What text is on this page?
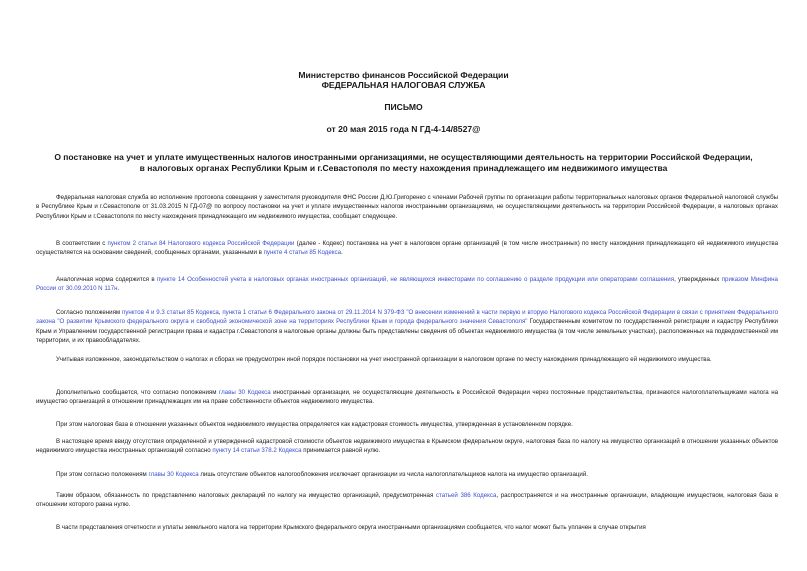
Министерство финансов Российской Федерации
ФЕДЕРАЛЬНАЯ НАЛОГОВАЯ СЛУЖБА
ПИСЬМО
от 20 мая 2015 года N ГД-4-14/8527@
О постановке на учет и уплате имущественных налогов иностранными организациями, не осуществляющими деятельность на территории Российской Федерации,
в налоговых органах Республики Крым и г.Севастополя по месту нахождения принадлежащего им недвижимого имущества

Федеральная налоговая служба во исполнение протокола совещания у заместителя руководителя ФНС России Д.Ю.Григоренко с членами Рабочей группы по организации работы территориальных налоговых органов Федеральной налоговой службы в Республике Крым и г.Севастополе от 31.03.2015 N ГД-07@ по вопросу постановки на учет и уплате имущественных налогов иностранными организациями, не осуществляющими деятельность на территории Российской Федерации, в налоговых органах Республики Крым и г.Севастополя по месту нахождения принадлежащего им недвижимого имущества, сообщает следующее.

В соответствии с пунктом 2 статьи 84 Налогового кодекса Российской Федерации (далее - Кодекс) постановка на учет в налоговом органе организаций (в том числе иностранных) по месту нахождения принадлежащего ей недвижимого имущества осуществляется на основании сведений, сообщенных органами, указанными в пункте 4 статьи 85 Кодекса.

Аналогичная норма содержится в пункте 14 Особенностей учета в налоговых органах иностранных организаций, не являющихся инвесторами по соглашению о разделе продукции или операторами соглашения, утвержденных приказом Минфина России от 30.09.2010 N 117н.

Согласно положениям пунктов 4 и 9.3 статьи 85 Кодекса, пункта 1 статьи 6 Федерального закона от 29.11.2014 N 379-ФЗ "О внесении изменений в части первую и вторую Налогового кодекса Российской Федерации в связи с принятием Федерального закона "О развитии Крымского федерального округа и свободной экономической зоне на территориях Республики Крым и города федерального значения Севастополя" Государственным комитетом по государственной регистрации и кадастру Республики Крым и Управлением государственной регистрации права и кадастра г.Севастополя в налоговые органы должны быть представлены сведения об объектах недвижимого имущества (в том числе земельных участках), расположенных на подведомственной им территории, и их правообладателях.

Учитывая изложенное, законодательством о налогах и сборах не предусмотрен иной порядок постановки на учет иностранной организации в налоговом органе по месту нахождения принадлежащего ей недвижимого имущества.

Дополнительно сообщается, что согласно положениям главы 30 Кодекса иностранные организации, не осуществляющие деятельность в Российской Федерации через постоянные представительства, признаются налогоплательщиками налога на имущество организаций в отношении принадлежащих им на праве собственности объектов недвижимого имущества.

При этом налоговая база в отношении указанных объектов недвижимого имущества определяется как кадастровая стоимость имущества, утвержденная в установленном порядке.

В настоящее время ввиду отсутствия определенной и утвержденной кадастровой стоимости объектов недвижимого имущества в Крымском федеральном округе, налоговая база по налогу на имущество организаций в отношении указанных объектов недвижимого имущества иностранных организаций согласно пункту 14 статьи 378.2 Кодекса принимается равной нулю.

При этом согласно положениям главы 30 Кодекса лишь отсутствие объектов налогообложения исключает организации из числа налогоплательщиков налога на имущество организаций.

Таким образом, обязанность по представлению налоговых деклараций по налогу на имущество организаций, предусмотренная статьей 386 Кодекса, распространяется и на иностранные организации, владеющие имуществом, налоговая база в отношении которого равна нулю.

В части представления отчетности и уплаты земельного налога на территории Крымского федерального округа иностранными организациями сообщается, что налог может быть уплачен в случае открытия
